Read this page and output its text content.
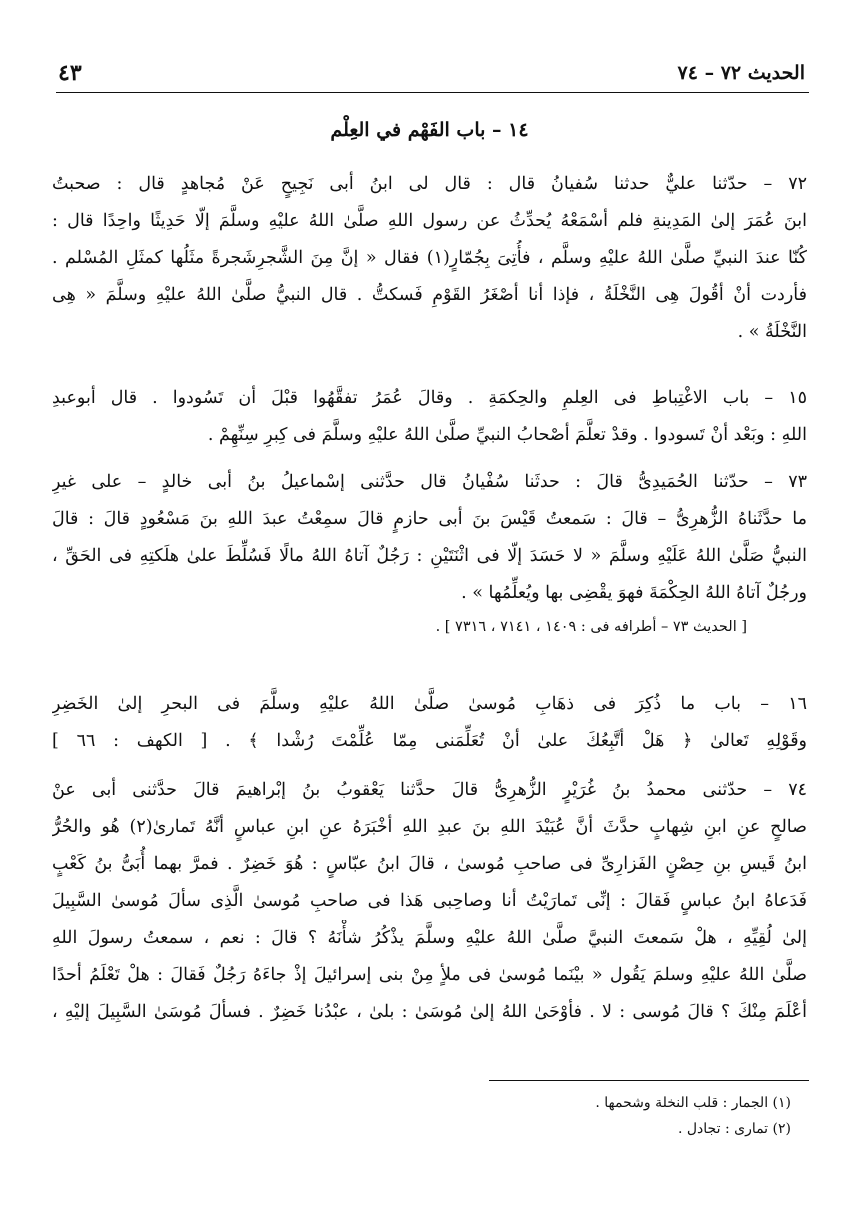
الحديث ٧٢ – ٧٤
٤٣
١٤ – باب الفَهْم في العِلْم
٧٢ – حدّثنا عليٌّ حدثنا سُفيانُ قال : قال لى ابنُ أبى نَجِيحٍ عَنْ مُجاهدٍ قال : صحبتُ
ابنَ عُمَرَ إلىٰ المَدِينةِ فلم أسْمَعْهُ يُحدِّثُ عن رسول اللهِ صلَّىٰ اللهُ عليْهِ وسلَّمَ إلّا حَدِيثًا واحِدًا قال :
كُنّا عندَ النبيِّ صلَّىٰ اللهُ عليْهِ وسلَّم ، فأُتِىَ بِجُمّارٍ(١) فقال « إنَّ مِنَ الشَّجرِشَجرةً مثَلُها كمثَلِ المُسْلم .
فأردت أنْ أقُولَ هِى النَّخْلَةُ ، فإذا أنا أصْغَرُ القَوْمِ فَسكتُّ . قال النبيُّ صلَّىٰ اللهُ عليْهِ وسلَّمَ « هِى
النَّخْلَةُ » .
١٥ – باب الاغْتِباطِ فى العِلمِ والحِكمَةِ . وقالَ عُمَرُ تفقَّهُوا قبْلَ أن تَسُودوا . قال أبوعبدِ
اللهِ : وبَعْد أنْ تَسودوا . وقدْ تعلَّمَ أصْحابُ النبيِّ صلَّىٰ اللهُ عليْهِ وسلَّمَ فى كِبرِ سِنِّهِمْ .
٧٣ – حدّثنا الحُمَيدِىُّ قالَ : حدثَنا سُفْيانُ قال حدَّثنى إسْماعيلُ بنُ أبى خالدٍ – على غيرِ
ما حدَّثَناهُ الزُّهرِىُّ – قالَ : سَمعتُ قَيْسَ بنَ أبى حازمٍ قالَ سمِعْتُ عبدَ اللهِ بنَ مَسْعُودٍ قالَ : قالَ
النبيُّ صَلَّىٰ اللهُ عَلَيْهِ وسلَّمَ « لا حَسَدَ إلّا فى اثْنَتَيْنِ : رَجُلٌ آتاهُ اللهُ مالًا فَسُلِّطَ علىٰ هلَكتِهِ فى الحَقِّ ،
ورجُلٌ آتاهُ اللهُ الحِكْمَةَ فهوَ يقْضِى بها ويُعلِّمُها » .
[ الحديث ٧٣ – أطرافه فى : ١٤٠٩ ، ٧١٤١ ، ٧٣١٦ ] .
١٦ – باب ما ذُكِرَ فى ذهَابِ مُوسىٰ صلَّىٰ اللهُ عليْهِ وسلَّمَ فى البحرِ إلىٰ الخَضِرِ
وقَوْلِهِ تَعالىٰ ﴿ هَلْ أتَّبِعُكَ علىٰ أنْ تُعَلِّمَنى مِمّا عُلِّمْتَ رُشْدا ﴾ . [ الكهف : ٦٦ ]
٧٤ – حدّثنى محمدُ بنُ غُرَيْرٍ الزُّهرِىُّ قالَ حدَّثنا يَعْقوبُ بنُ إبْراهيمَ قالَ حدَّثنى أبى عنْ
صالحٍ عنِ ابنِ شِهابٍ حدَّثَ أنَّ عُبَيْدَ اللهِ بنَ عبدِ اللهِ أخْبَرَهُ عنِ ابنِ عباسٍ أنَّهُ تَمارىٰ(٢) هُو والحُرُّ
ابنُ قَيسِ بنِ حِصْنٍ الفَزارِىِّ فى صاحبِ مُوسىٰ ، قالَ ابنُ عبّاسٍ : هُوَ خَضِرٌ . فمرَّ بهما أُبَىُّ بنُ كَعْبٍ
فَدَعاهُ ابنُ عباسٍ فَقالَ : إنِّى تَمارَيْتُ أنا وصاحِبى هَذا فى صاحبِ مُوسىٰ الَّذِى سألَ مُوسىٰ السَّبِيلَ
إلىٰ لُقِيِّهِ ، هلْ سَمعتَ النبيَّ صلَّىٰ اللهُ عليْهِ وسلَّمَ يذْكُرُ شأْنَهُ ؟ قالَ : نعم ، سمعتُ رسولَ اللهِ
صلَّىٰ اللهُ عليْهِ وسلمَ يَقُول « بيْنَما مُوسىٰ فى ملأٍ مِنْ بنى إسرائيلَ إذْ جاءَهُ رَجُلٌ فَقالَ : هلْ تَعْلَمُ أحدًا
أعْلَمَ مِنْكَ ؟ قالَ مُوسى : لا . فأوْحَىٰ اللهُ إلىٰ مُوسَىٰ : بلىٰ ، عبْدُنا خَضِرٌ . فسألَ مُوسَىٰ السَّبِيلَ إليْهِ ،
(١) الجمار : قلب النخلة وشحمها .
(٢) تمارى : تجادل .
